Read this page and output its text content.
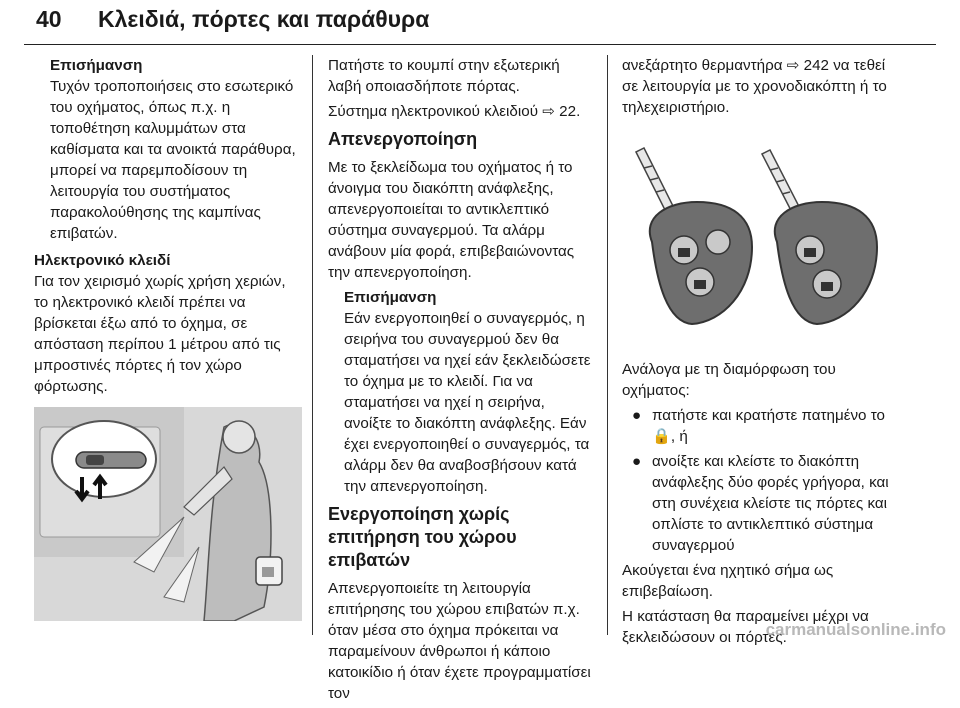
40 Κλειδιά, πόρτες και παράθυρα
Επισήμανση
Τυχόν τροποποιήσεις στο εσωτερικό του οχήματος, όπως π.χ. η τοποθέτηση καλυμμάτων στα καθίσματα και τα ανοικτά παράθυρα, μπορεί να παρεμποδίσουν τη λειτουργία του συστήματος παρακολούθησης της καμπίνας επιβατών.
Ηλεκτρονικό κλειδί

Για τον χειρισμό χωρίς χρήση χεριών, το ηλεκτρονικό κλειδί πρέπει να βρίσκεται έξω από το όχημα, σε απόσταση περίπου 1 μέτρου από τις μπροστινές πόρτες ή τον χώρο φόρτωσης.

Πατήστε το κουμπί στην εξωτερική λαβή οποιασδήποτε πόρτας.

Σύστημα ηλεκτρονικού κλειδιού ⇨ 22.

Απενεργοποίηση

Με το ξεκλείδωμα του οχήματος ή το άνοιγμα του διακόπτη ανάφλεξης, απενεργοποιείται το αντικλεπτικό σύστημα συναγερμού. Τα αλάρμ ανάβουν μία φορά, επιβεβαιώνοντας την απενεργοποίηση.

Επισήμανση
Εάν ενεργοποιηθεί ο συναγερμός, η σειρήνα του συναγερμού δεν θα σταματήσει να ηχεί εάν ξεκλειδώσετε το όχημα με το κλειδί. Για να σταματήσει να ηχεί η σειρήνα, ανοίξτε το διακόπτη ανάφλεξης. Εάν έχει ενεργοποιηθεί ο συναγερμός, τα αλάρμ δεν θα αναβοσβήσουν κατά την απενεργοποίηση.
Ενεργοποίηση χωρίς επιτήρηση του χώρου επιβατών

Απενεργοποιείτε τη λειτουργία επιτήρησης του χώρου επιβατών π.χ. όταν μέσα στο όχημα πρόκειται να παραμείνουν άνθρωποι ή κάποιο κατοικίδιο ή όταν έχετε προγραμματίσει τον

ανεξάρτητο θερμαντήρα ⇨ 242 να τεθεί σε λειτουργία με το χρονοδιακόπτη ή το τηλεχειριστήριο.

Ανάλογα με τη διαμόρφωση του οχήματος:

● πατήστε και κρατήστε πατημένο το 🔒, ή
● ανοίξτε και κλείστε το διακόπτη ανάφλεξης δύο φορές γρήγορα, και στη συνέχεια κλείστε τις πόρτες και οπλίστε το αντικλεπτικό σύστημα συναγερμού

Ακούγεται ένα ηχητικό σήμα ως επιβεβαίωση.

Η κατάσταση θα παραμείνει μέχρι να ξεκλειδώσουν οι πόρτες.

carmanualsonline.info
